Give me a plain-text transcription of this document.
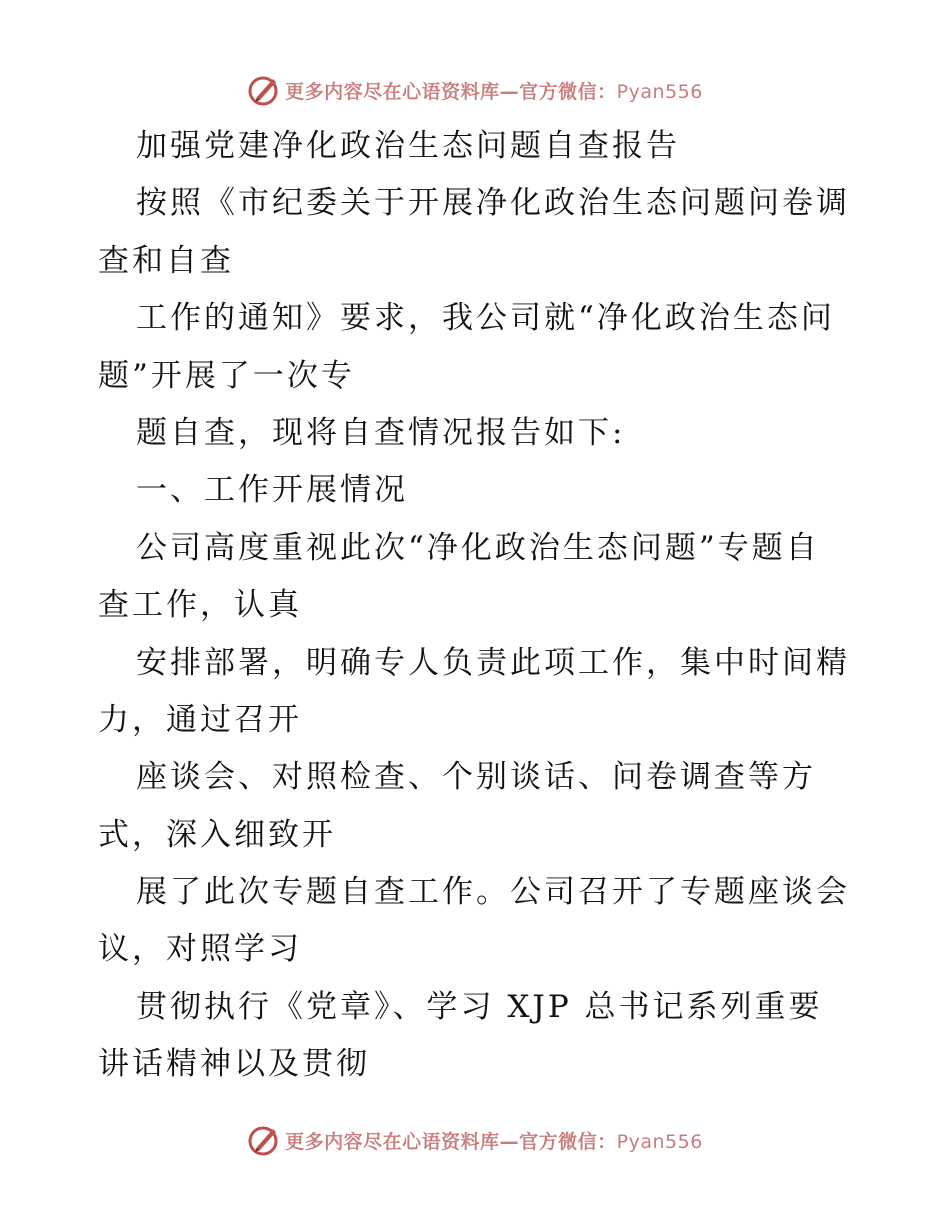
更多内容尽在心语资料库—官方微信：Pyan556
加强党建净化政治生态问题自查报告
按照《市纪委关于开展净化政治生态问题问卷调
查和自查
工作的通知》要求，我公司就“净化政治生态问
题”开展了一次专
题自查，现将自查情况报告如下:
一、工作开展情况
公司高度重视此次“净化政治生态问题”专题自
查工作，认真
安排部署，明确专人负责此项工作，集中时间精
力，通过召开
座谈会、对照检查、个别谈话、问卷调查等方
式，深入细致开
展了此次专题自查工作。公司召开了专题座谈会
议，对照学习
贯彻执行《党章》、学习 XJP 总书记系列重要
讲话精神以及贯彻
更多内容尽在心语资料库—官方微信：Pyan556
